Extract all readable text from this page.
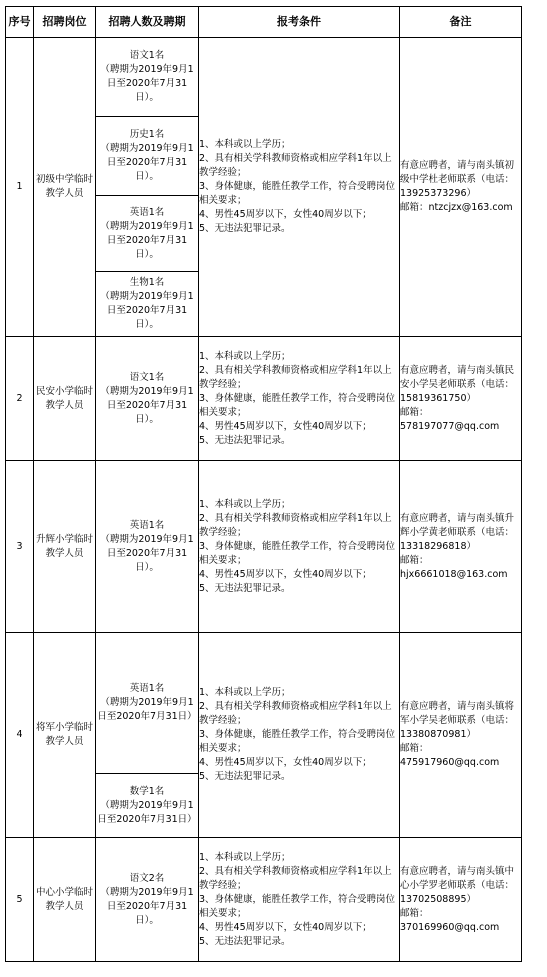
序号	招聘岗位	招聘人数及聘期	报考条件	备注
1	初级中学临时教学人员	语文1名
（聘期为2019年9月1日至2020年7月31日）。	1、本科或以上学历；
2、具有相关学科教师资格或相应学科1年以上教学经验；
3、身体健康，能胜任教学工作，符合受聘岗位相关要求；
4、男性45周岁以下，女性40周岁以下；
5、无违法犯罪记录。	有意应聘者，请与南头镇初级中学杜老师联系（电话：13925373296）
邮箱：ntzcjzx@163.com
		历史1名
（聘期为2019年9月1日至2020年7月31日）。		
		英语1名
（聘期为2019年9月1日至2020年7月31日）。		
		生物1名
（聘期为2019年9月1日至2020年7月31日）。		
2	民安小学临时教学人员	语文1名
（聘期为2019年9月1日至2020年7月31日）。	1、本科或以上学历；
2、具有相关学科教师资格或相应学科1年以上教学经验；
3、身体健康，能胜任教学工作，符合受聘岗位相关要求；
4、男性45周岁以下，女性40周岁以下；
5、无违法犯罪记录。	有意应聘者，请与南头镇民安小学吴老师联系（电话：15819361750）
邮箱：578197077@qq.com
3	升辉小学临时教学人员	英语1名
（聘期为2019年9月1日至2020年7月31日）。	1、本科或以上学历；
2、具有相关学科教师资格或相应学科1年以上教学经验；
3、身体健康，能胜任教学工作，符合受聘岗位相关要求；
4、男性45周岁以下，女性40周岁以下；
5、无违法犯罪记录。	有意应聘者，请与南头镇升辉小学黄老师联系（电话：13318296818）
邮箱：hjx6661018@163.com
4	将军小学临时教学人员	英语1名
（聘期为2019年9月1日至2020年7月31日）	1、本科或以上学历；
2、具有相关学科教师资格或相应学科1年以上教学经验；
3、身体健康，能胜任教学工作，符合受聘岗位相关要求；
4、男性45周岁以下，女性40周岁以下；
5、无违法犯罪记录。	有意应聘者，请与南头镇将军小学吴老师联系（电话：13380870981）
邮箱：475917960@qq.com
		数学1名
（聘期为2019年9月1日至2020年7月31日）		
5	中心小学临时教学人员	语文2名
（聘期为2019年9月1日至2020年7月31日）。	1、本科或以上学历；
2、具有相关学科教师资格或相应学科1年以上教学经验；
3、身体健康，能胜任教学工作，符合受聘岗位相关要求；
4、男性45周岁以下，女性40周岁以下；
5、无违法犯罪记录。	有意应聘者，请与南头镇中心小学罗老师联系（电话：13702508895）
邮箱：370169960@qq.com
